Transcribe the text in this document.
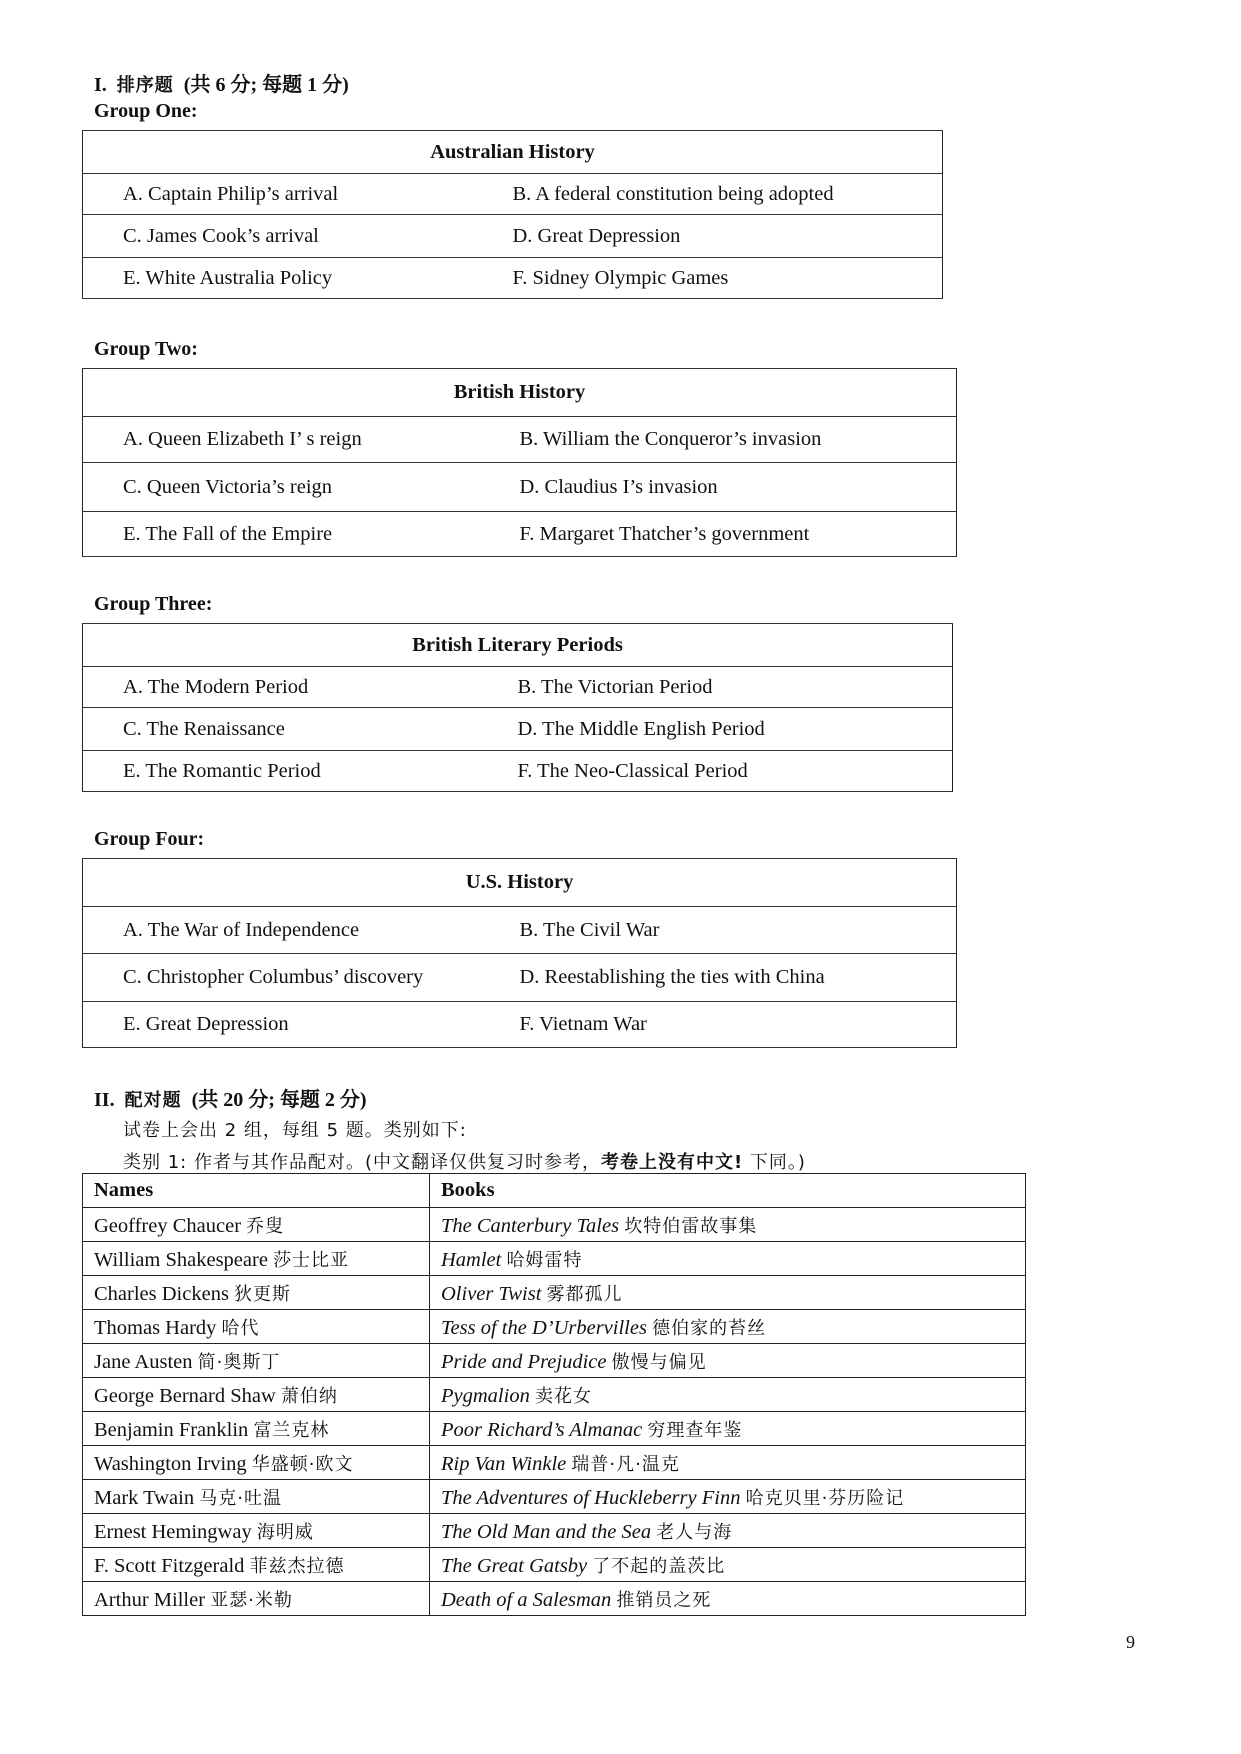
I. 排序题 (共 6 分; 每题 1 分)
Group One:
Australian History	
A. Captain Philip’s arrival	B. A federal constitution being adopted
C. James Cook’s arrival	D. Great Depression
E. White Australia Policy	F. Sidney Olympic Games
Group Two:
British History	
A. Queen Elizabeth I’ s reign	B. William the Conqueror’s invasion
C. Queen Victoria’s reign	D. Claudius I’s invasion
E. The Fall of the Empire	F. Margaret Thatcher’s government
Group Three:
British Literary Periods	
A. The Modern Period	B. The Victorian Period
C. The Renaissance	D. The Middle English Period
E. The Romantic Period	F. The Neo-Classical Period
Group Four:
U.S. History	
A. The War of Independence	B. The Civil War
C. Christopher Columbus’ discovery	D. Reestablishing the ties with China
E. Great Depression	F. Vietnam War
II. 配对题 (共 20 分; 每题 2 分)
试卷上会出 2 组，每组 5 题。类别如下:
类别 1: 作者与其作品配对。(中文翻译仅供复习时参考，考卷上没有中文! 下同。)
Names	Books
Geoffrey Chaucer 乔叟	The Canterbury Tales 坎特伯雷故事集
William Shakespeare 莎士比亚	Hamlet 哈姆雷特
Charles Dickens 狄更斯	Oliver Twist 雾都孤儿
Thomas Hardy 哈代	Tess of the D’Urbervilles 德伯家的苔丝
Jane Austen 简·奥斯丁	Pride and Prejudice 傲慢与偏见
George Bernard Shaw 萧伯纳	Pygmalion 卖花女
Benjamin Franklin 富兰克林	Poor Richard’s Almanac 穷理查年鉴
Washington Irving 华盛顿·欧文	Rip Van Winkle 瑞普·凡·温克
Mark Twain 马克·吐温	The Adventures of Huckleberry Finn 哈克贝里·芬历险记
Ernest Hemingway 海明威	The Old Man and the Sea 老人与海
F. Scott Fitzgerald 菲兹杰拉德	The Great Gatsby 了不起的盖茨比
Arthur Miller 亚瑟·米勒	Death of a Salesman 推销员之死
9
